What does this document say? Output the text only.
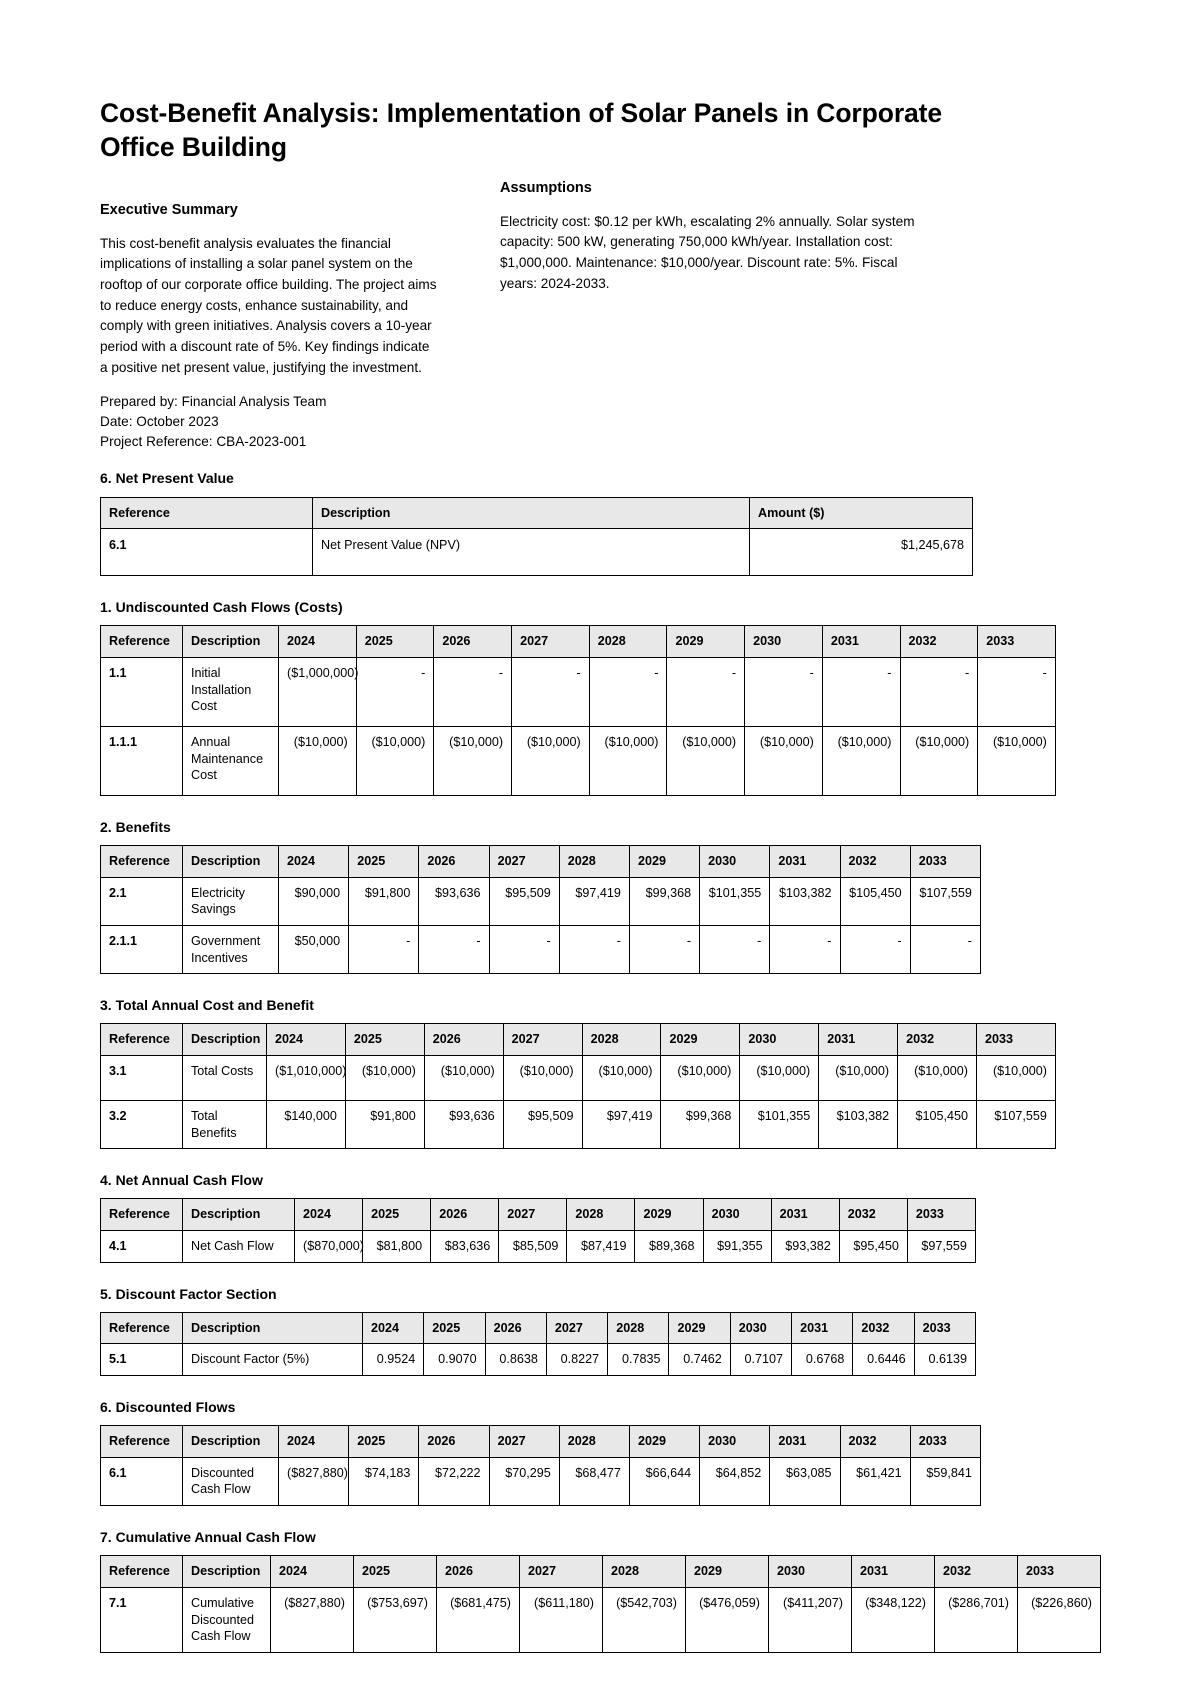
Cost-Benefit Analysis: Implementation of Solar Panels in Corporate Office Building
Executive Summary

This cost-benefit analysis evaluates the financial implications of installing a solar panel system on the rooftop of our corporate office building. The project aims to reduce energy costs, enhance sustainability, and comply with green initiatives. Analysis covers a 10-year period with a discount rate of 5%. Key findings indicate a positive net present value, justifying the investment.

Prepared by: Financial Analysis Team
Date: October 2023
Project Reference: CBA-2023-001
Assumptions

Electricity cost: $0.12 per kWh, escalating 2% annually. Solar system capacity: 500 kW, generating 750,000 kWh/year. Installation cost: $1,000,000. Maintenance: $10,000/year. Discount rate: 5%. Fiscal years: 2024-2033.

6. Net Present Value
Reference	Description	Amount ($)
6.1	Net Present Value (NPV)	$1,245,678
1. Undiscounted Cash Flows (Costs)
Reference	Description	2024	2025	2026	2027	2028	2029	2030	2031	2032	2033
1.1	Initial Installation Cost	($1,000,000)	-	-	-	-	-	-	-	-	-
1.1.1	Annual Maintenance Cost	($10,000)	($10,000)	($10,000)	($10,000)	($10,000)	($10,000)	($10,000)	($10,000)	($10,000)	($10,000)
2. Benefits
Reference	Description	2024	2025	2026	2027	2028	2029	2030	2031	2032	2033
2.1	Electricity Savings	$90,000	$91,800	$93,636	$95,509	$97,419	$99,368	$101,355	$103,382	$105,450	$107,559
2.1.1	Government Incentives	$50,000	-	-	-	-	-	-	-	-	-
3. Total Annual Cost and Benefit
Reference	Description	2024	2025	2026	2027	2028	2029	2030	2031	2032	2033
3.1	Total Costs	($1,010,000)	($10,000)	($10,000)	($10,000)	($10,000)	($10,000)	($10,000)	($10,000)	($10,000)	($10,000)
3.2	Total Benefits	$140,000	$91,800	$93,636	$95,509	$97,419	$99,368	$101,355	$103,382	$105,450	$107,559
4. Net Annual Cash Flow
Reference	Description	2024	2025	2026	2027	2028	2029	2030	2031	2032	2033
4.1	Net Cash Flow	($870,000)	$81,800	$83,636	$85,509	$87,419	$89,368	$91,355	$93,382	$95,450	$97,559
5. Discount Factor Section
Reference	Description	2024	2025	2026	2027	2028	2029	2030	2031	2032	2033
5.1	Discount Factor (5%)	0.9524	0.9070	0.8638	0.8227	0.7835	0.7462	0.7107	0.6768	0.6446	0.6139
6. Discounted Flows
Reference	Description	2024	2025	2026	2027	2028	2029	2030	2031	2032	2033
6.1	Discounted Cash Flow	($827,880)	$74,183	$72,222	$70,295	$68,477	$66,644	$64,852	$63,085	$61,421	$59,841
7. Cumulative Annual Cash Flow
Reference	Description	2024	2025	2026	2027	2028	2029	2030	2031	2032	2033
7.1	Cumulative Discounted Cash Flow	($827,880)	($753,697)	($681,475)	($611,180)	($542,703)	($476,059)	($411,207)	($348,122)	($286,701)	($226,860)
